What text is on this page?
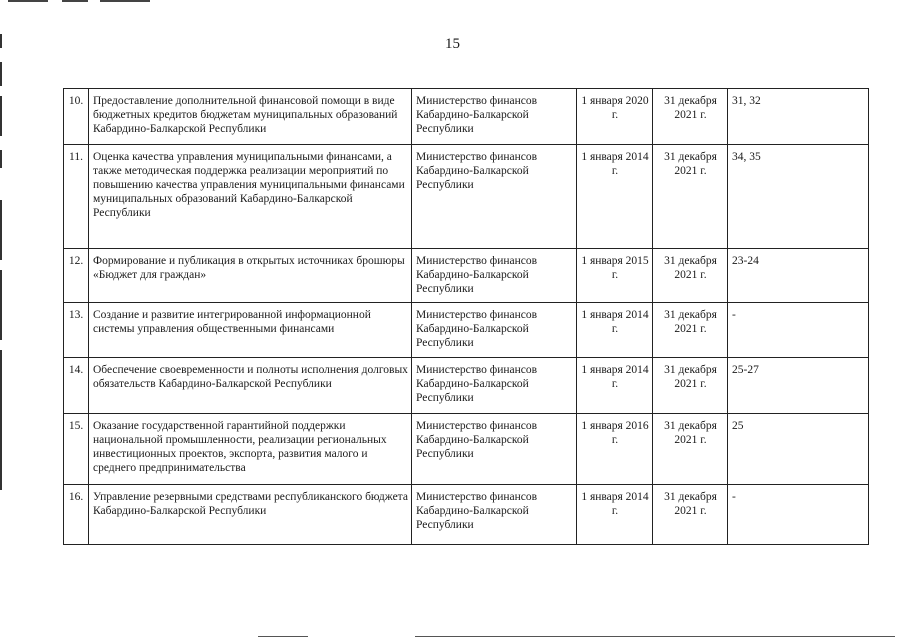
15
10.	Предоставление дополнительной финансовой помощи в виде бюджетных кредитов бюджетам муниципальных образований Кабардино-Балкарской Республики	Министерство финансов Кабардино-Балкарской Республики	1 января 2020 г.	31 декабря 2021 г.	31, 32
11.	Оценка качества управления муниципальными финансами, а также методическая поддержка реализации мероприятий по повышению качества управления муниципальными финансами муниципальных образований Кабардино-Балкарской Республики	Министерство финансов Кабардино-Балкарской Республики	1 января 2014 г.	31 декабря 2021 г.	34, 35
12.	Формирование и публикация в открытых источниках брошюры «Бюджет для граждан»	Министерство финансов Кабардино-Балкарской Республики	1 января 2015 г.	31 декабря 2021 г.	23-24
13.	Создание и развитие интегрированной информационной системы управления общественными финансами	Министерство финансов Кабардино-Балкарской Республики	1 января 2014 г.	31 декабря 2021 г.	-
14.	Обеспечение своевременности и полноты исполнения долговых обязательств Кабардино-Балкарской Республики	Министерство финансов Кабардино-Балкарской Республики	1 января 2014 г.	31 декабря 2021 г.	25-27
15.	Оказание государственной гарантийной поддержки национальной промышленности, реализации региональных инвестиционных проектов, экспорта, развития малого и среднего предпринимательства	Министерство финансов Кабардино-Балкарской Республики	1 января 2016 г.	31 декабря 2021 г.	25
16.	Управление резервными средствами республиканского бюджета Кабардино-Балкарской Республики	Министерство финансов Кабардино-Балкарской Республики	1 января 2014 г.	31 декабря 2021 г.	-
